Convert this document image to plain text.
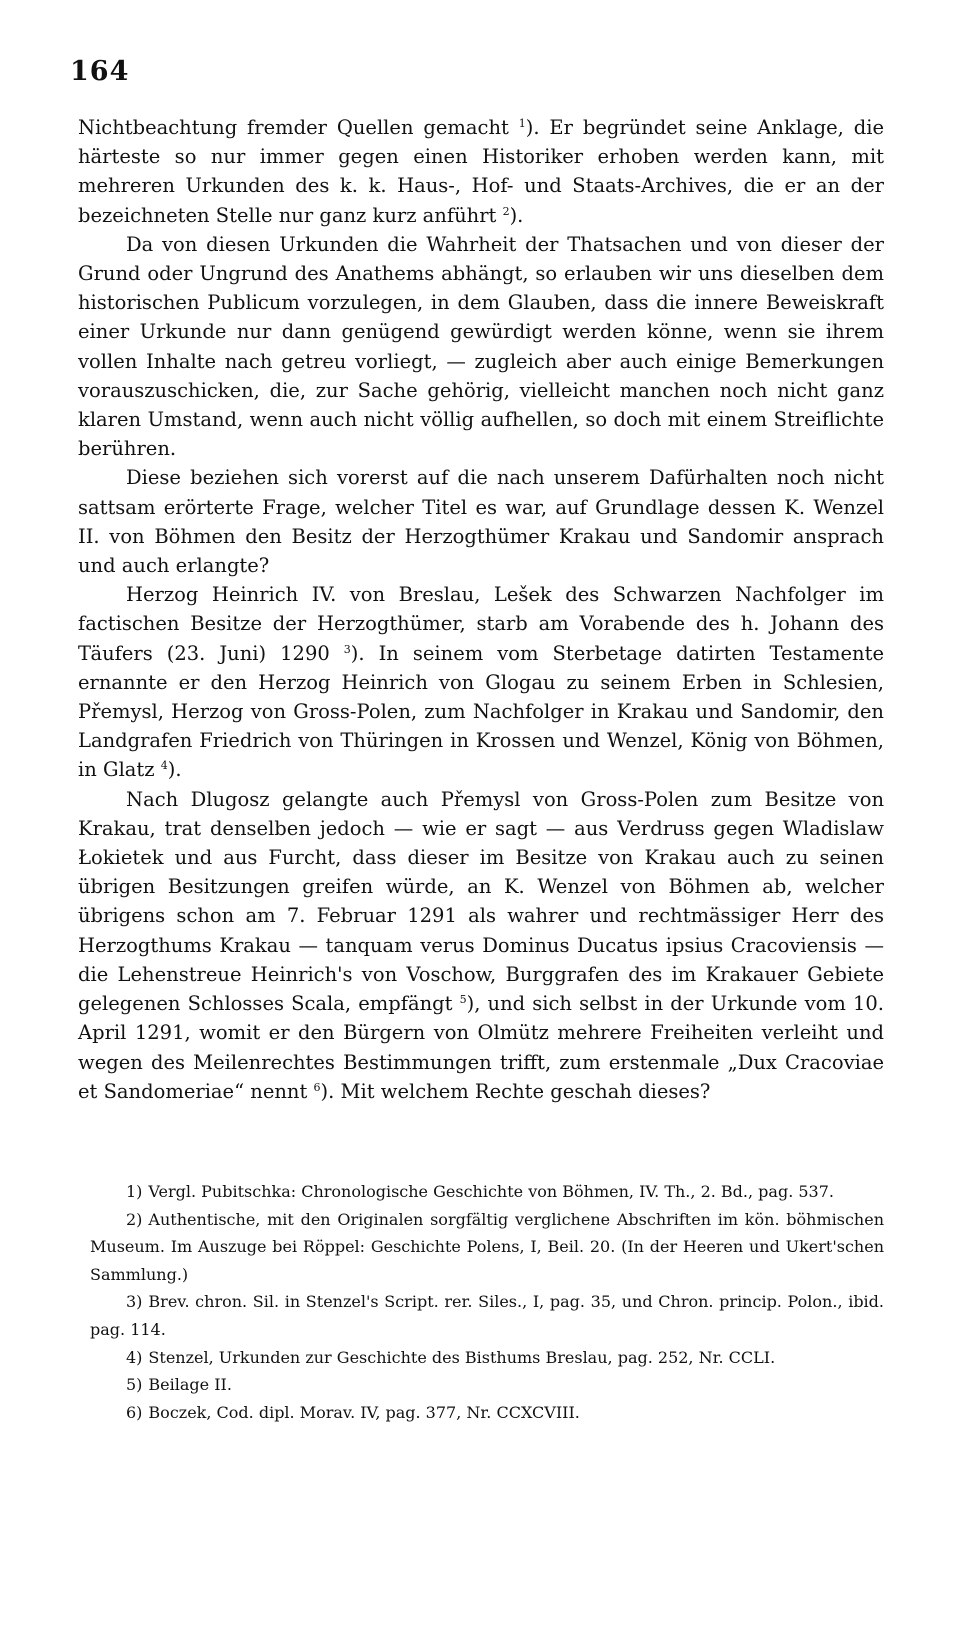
164

Nichtbeachtung fremder Quellen gemacht $^1$). Er begründet seine Anklage, die härteste so nur immer gegen einen Historiker erhoben werden kann, mit mehreren Urkunden des k. k. Haus-, Hof- und Staats-Archives, die er an der bezeichneten Stelle nur ganz kurz anführt $^2$).

Da von diesen Urkunden die Wahrheit der Thatsachen und von dieser der Grund oder Ungrund des Anathems abhängt, so erlauben wir uns dieselben dem historischen Publicum vorzulegen, in dem Glauben, dass die innere Beweiskraft einer Urkunde nur dann genügend gewürdigt werden könne, wenn sie ihrem vollen Inhalte nach getreu vorliegt, — zugleich aber auch einige Bemerkungen vorauszuschicken, die, zur Sache gehörig, vielleicht manchen noch nicht ganz klaren Umstand, wenn auch nicht völlig aufhellen, so doch mit einem Streiflichte berühren.

Diese beziehen sich vorerst auf die nach unserem Dafürhalten noch nicht sattsam erörterte Frage, welcher Titel es war, auf Grundlage dessen K. Wenzel II. von Böhmen den Besitz der Herzogthümer Krakau und Sandomir ansprach und auch erlangte?

Herzog Heinrich IV. von Breslau, Lešek des Schwarzen Nachfolger im factischen Besitze der Herzogthümer, starb am Vorabende des h. Johann des Täufers (23. Juni) 1290 $^3$). In seinem vom Sterbetage datirten Testamente ernannte er den Herzog Heinrich von Glogau zu seinem Erben in Schlesien, Přemysl, Herzog von Gross-Polen, zum Nachfolger in Krakau und Sandomir, den Landgrafen Friedrich von Thüringen in Krossen und Wenzel, König von Böhmen, in Glatz $^4$).

Nach Dlugosz gelangte auch Přemysl von Gross-Polen zum Besitze von Krakau, trat denselben jedoch — wie er sagt — aus Verdruss gegen Wladislaw Łokietek und aus Furcht, dass dieser im Besitze von Krakau auch zu seinen übrigen Besitzungen greifen würde, an K. Wenzel von Böhmen ab, welcher übrigens schon am 7. Februar 1291 als wahrer und rechtmässiger Herr des Herzogthums Krakau — tanquam verus Dominus Ducatus ipsius Cracoviensis — die Lehenstreue Heinrich's von Voschow, Burggrafen des im Krakauer Gebiete gelegenen Schlosses Scala, empfängt $^5$), und sich selbst in der Urkunde vom 10. April 1291, womit er den Bürgern von Olmütz mehrere Freiheiten verleiht und wegen des Meilenrechtes Bestimmungen trifft, zum erstenmale „Dux Cracoviae et Sandomeriae“ nennt $^6$). Mit welchem Rechte geschah dieses?

1) Vergl. Pubitschka: Chronologische Geschichte von Böhmen, IV. Th., 2. Bd., pag. 537.

2) Authentische, mit den Originalen sorgfältig verglichene Abschriften im kön. böhmischen Museum. Im Auszuge bei Röppel: Geschichte Polens, I, Beil. 20. (In der Heeren und Ukert'schen Sammlung.)

3) Brev. chron. Sil. in Stenzel's Script. rer. Siles., I, pag. 35, und Chron. princip. Polon., ibid. pag. 114.

4) Stenzel, Urkunden zur Geschichte des Bisthums Breslau, pag. 252, Nr. CCLI.

5) Beilage II.

6) Boczek, Cod. dipl. Morav. IV, pag. 377, Nr. CCXCVIII.
